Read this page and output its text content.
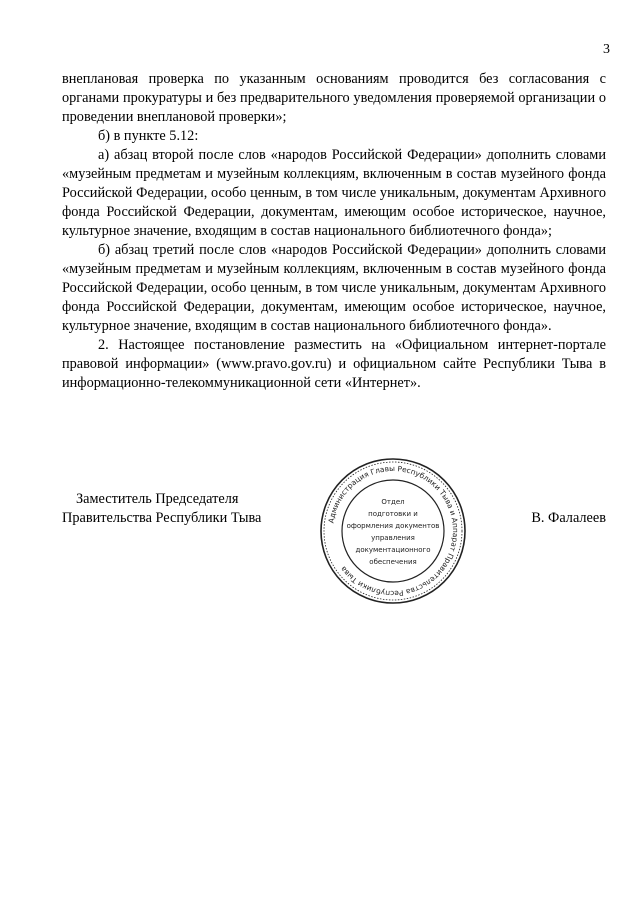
3

внеплановая проверка по указанным основаниям проводится без согласования с органами прокуратуры и без предварительного уведомления проверяемой организации о проведении внеплановой проверки»;

б) в пункте 5.12:

а) абзац второй после слов «народов Российской Федерации» дополнить словами «музейным предметам и музейным коллекциям, включенным в состав музейного фонда Российской Федерации, особо ценным, в том числе уникальным, документам Архивного фонда Российской Федерации, документам, имеющим особое историческое, научное, культурное значение, входящим в состав национального библиотечного фонда»;

б) абзац третий после слов «народов Российской Федерации» дополнить словами «музейным предметам и музейным коллекциям, включенным в состав музейного фонда Российской Федерации, особо ценным, в том числе уникальным, документам Архивного фонда Российской Федерации, документам, имеющим особое историческое, научное, культурное значение, входящим в состав национального библиотечного фонда».

2. Настоящее постановление разместить на «Официальном интернет-портале правовой информации» (www.pravo.gov.ru) и официальном сайте Республики Тыва в информационно-телекоммуникационной сети «Интернет».

Заместитель Председателя
Правительства Республики Тыва	В. Фалалеев
Администрация Главы Республики Тыва и Аппарат Правительства Республики Тыва
Отдел
подготовки и
оформления документов
управления
документационного
обеспечения
